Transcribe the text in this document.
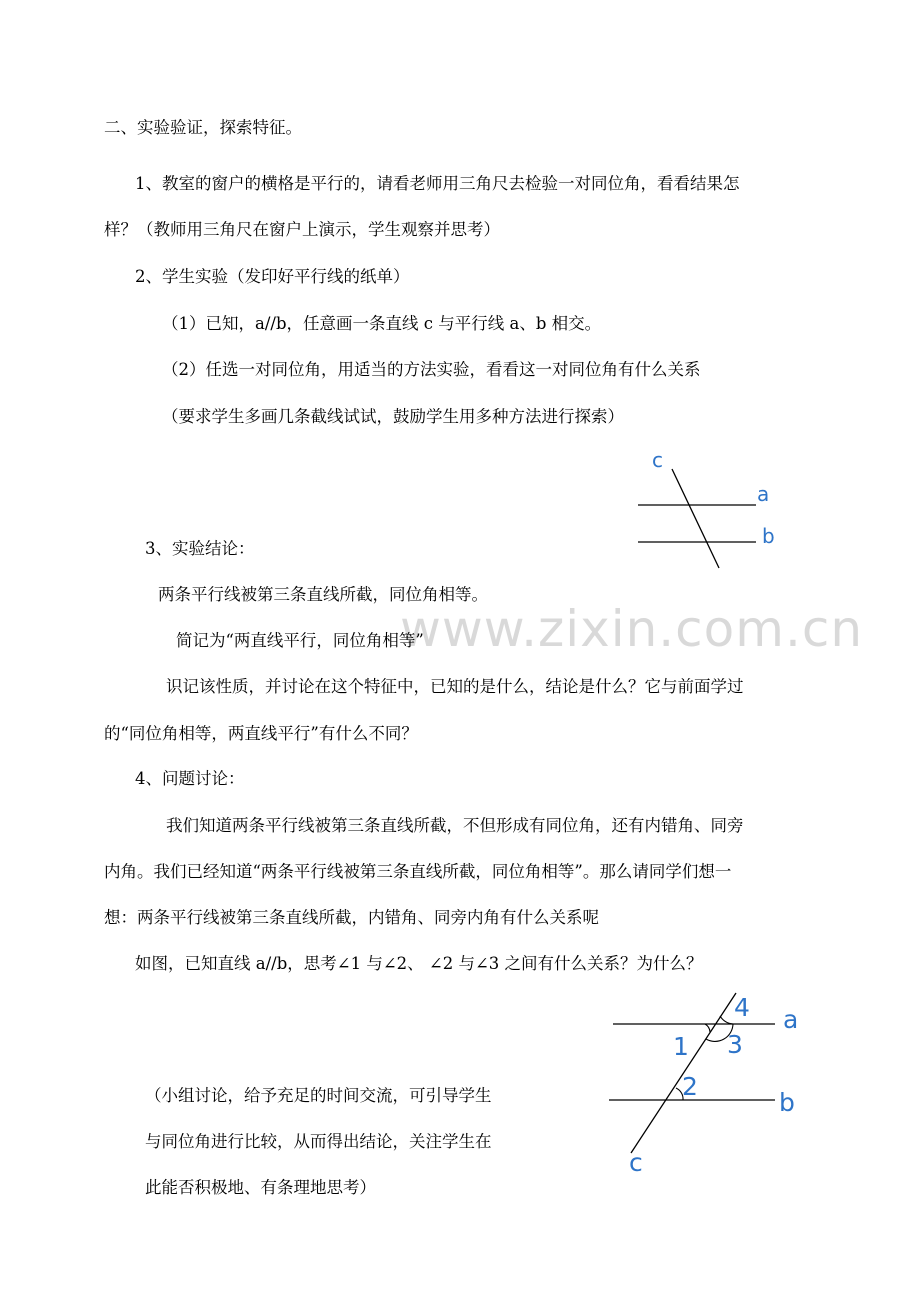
www.zixin.com.cn
二、实验验证，探索特征。
1、教室的窗户的横格是平行的，请看老师用三角尺去检验一对同位角，看看结果怎
样？（教师用三角尺在窗户上演示，学生观察并思考）
2、学生实验（发印好平行线的纸单）
（1）已知，a//b，任意画一条直线 c 与平行线 a、b 相交。
（2）任选一对同位角，用适当的方法实验，看看这一对同位角有什么关系
（要求学生多画几条截线试试，鼓励学生用多种方法进行探索）
c
a
b
3、实验结论：
两条平行线被第三条直线所截，同位角相等。
简记为“两直线平行，同位角相等”
识记该性质，并讨论在这个特征中，已知的是什么，结论是什么？它与前面学过
的“同位角相等，两直线平行”有什么不同？
4、问题讨论：
我们知道两条平行线被第三条直线所截，不但形成有同位角，还有内错角、同旁
内角。我们已经知道“两条平行线被第三条直线所截，同位角相等”。那么请同学们想一
想：两条平行线被第三条直线所截，内错角、同旁内角有什么关系呢
如图，已知直线 a//b，思考∠1 与∠2、 ∠2 与∠3 之间有什么关系？为什么？
4 a
1 3
2
b
c
（小组讨论，给予充足的时间交流，可引导学生
与同位角进行比较，从而得出结论，关注学生在
此能否积极地、有条理地思考）
